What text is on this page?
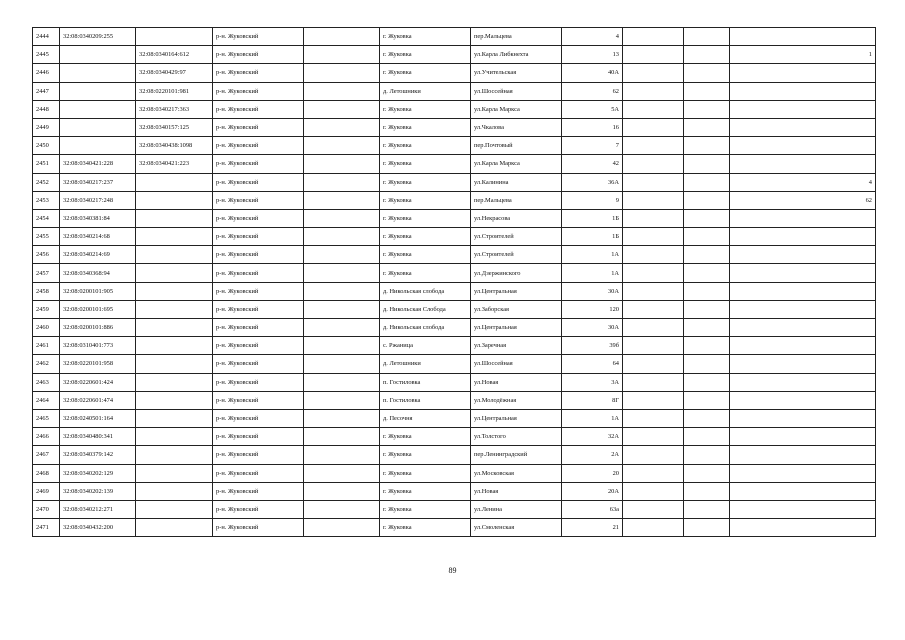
2444	32:08:0340209:255		р-н. Жуковский		г. Жуковка	пер.Мальцева	4			
2445		32:08:0340164:612	р-н. Жуковский		г. Жуковка	ул.Карла Либкнехта	13			1
2446		32:08:0340429:97	р-н. Жуковский		г. Жуковка	ул.Учительская	40А			
2447		32:08:0220101:981	р-н. Жуковский		д. Летошники	ул.Шоссейная	62			
2448		32:08:0340217:363	р-н. Жуковский		г. Жуковка	ул.Карла Маркса	5А			
2449		32:08:0340157:125	р-н. Жуковский		г. Жуковка	ул.Чкалова	16			
2450		32:08:0340438:1098	р-н. Жуковский		г. Жуковка	пер.Почтовый	7			
2451	32:08:0340421:228	32:08:0340421:223	р-н. Жуковский		г. Жуковка	ул.Карла Маркса	42			
2452	32:08:0340217:237		р-н. Жуковский		г. Жуковка	ул.Калинина	36А			4
2453	32:08:0340217:248		р-н. Жуковский		г. Жуковка	пер.Мальцева	9			62
2454	32:08:0340381:84		р-н. Жуковский		г. Жуковка	ул.Некрасова	1Б			
2455	32:08:0340214:68		р-н. Жуковский		г. Жуковка	ул.Строителей	1Б			
2456	32:08:0340214:69		р-н. Жуковский		г. Жуковка	ул.Строителей	1А			
2457	32:08:0340368:94		р-н. Жуковский		г. Жуковка	ул.Дзержинского	1А			
2458	32:08:0200101:905		р-н. Жуковский		д. Никольская слобода	ул.Центральная	30А			
2459	32:08:0200101:695		р-н. Жуковский		д. Никольская Слобода	ул.Заборская	120			
2460	32:08:0200101:886		р-н. Жуковский		д. Никольская слобода	ул.Центральная	30А			
2461	32:08:0310401:773		р-н. Жуковский		с. Ржаница	ул.Заречная	39б			
2462	32:08:0220101:958		р-н. Жуковский		д. Летошники	ул.Шоссейная	64			
2463	32:08:0220601:424		р-н. Жуковский		п. Гостиловка	ул.Новая	3А			
2464	32:08:0220601:474		р-н. Жуковский		п. Гостиловка	ул.Молодёжная	8Г			
2465	32:08:0240501:164		р-н. Жуковский		д. Песочня	ул.Центральная	1А			
2466	32:08:0340480:341		р-н. Жуковский		г. Жуковка	ул.Толстого	32А			
2467	32:08:0340379:142		р-н. Жуковский		г. Жуковка	пер.Ленинградский	2А			
2468	32:08:0340202:129		р-н. Жуковский		г. Жуковка	ул.Московская	20			
2469	32:08:0340202:139		р-н. Жуковский		г. Жуковка	ул.Новая	20А			
2470	32:08:0340212:271		р-н. Жуковский		г. Жуковка	ул.Ленина	63а			
2471	32:08:0340432:200		р-н. Жуковский		г. Жуковка	ул.Смоленская	21			
89
